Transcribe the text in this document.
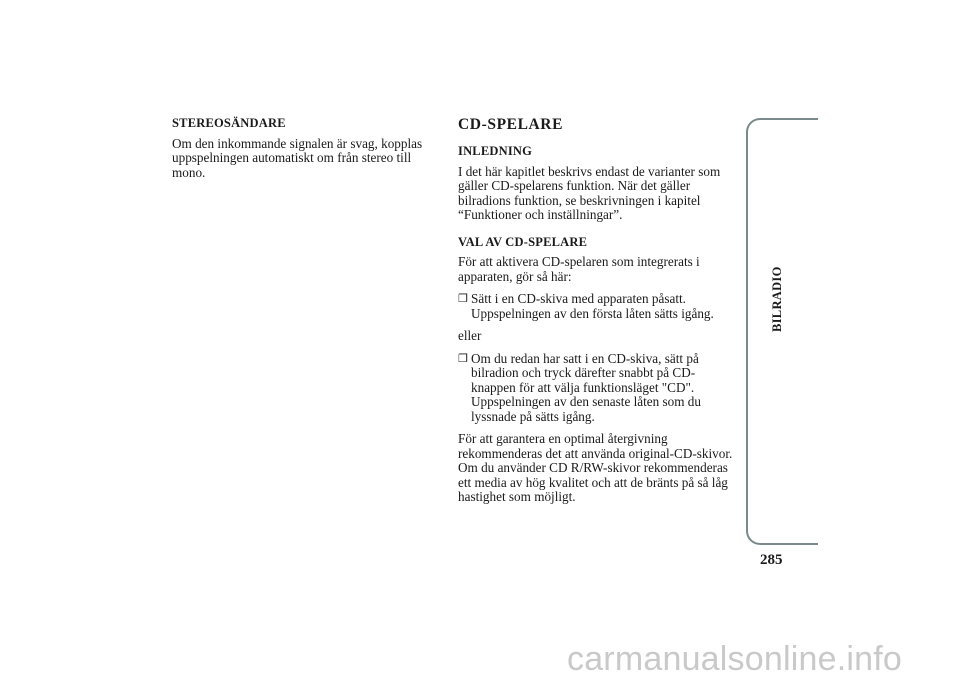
STEREOSÄNDARE
Om den inkommande signalen är svag, kopplas uppspelningen automatiskt om från stereo till mono.
CD-SPELARE
INLEDNING
I det här kapitlet beskrivs endast de varianter som gäller CD-spelarens funktion. När det gäller bilradions funktion, se beskrivningen i kapitel “Funktioner och inställningar”.
VAL AV CD-SPELARE
För att aktivera CD-spelaren som integrerats i apparaten, gör så här:
❒ Sätt i en CD-skiva med apparaten påsatt. Uppspelningen av den första låten sätts igång.
eller
❒ Om du redan har satt i en CD-skiva, sätt på bilradion och tryck därefter snabbt på CD-knappen för att välja funktionsläget "CD". Uppspelningen av den senaste låten som du lyssnade på sätts igång.
För att garantera en optimal återgivning rekommenderas det att använda original-CD-skivor. Om du använder CD R/RW-skivor rekommenderas ett media av hög kvalitet och att de bränts på så låg hastighet som möjligt.
BILRADIO
285
carmanualsonline.info
